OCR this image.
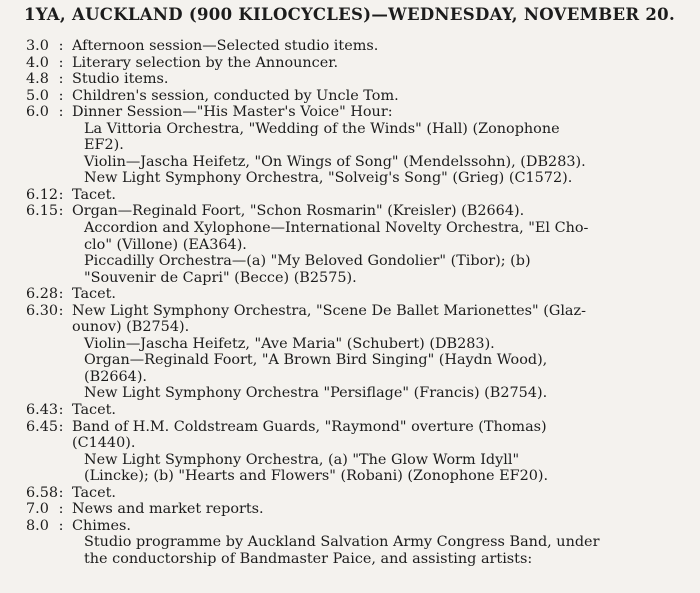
1YA, AUCKLAND (900 KILOCYCLES)—WEDNESDAY, NOVEMBER 20.
3.0 : Afternoon session—Selected studio items.
4.0 : Literary selection by the Announcer.
4.8 : Studio items.
5.0 : Children's session, conducted by Uncle Tom.
6.0 : Dinner Session—"His Master's Voice" Hour:
La Vittoria Orchestra, "Wedding of the Winds" (Hall) (Zonophone
EF2).
Violin—Jascha Heifetz, "On Wings of Song" (Mendelssohn), (DB283).
New Light Symphony Orchestra, "Solveig's Song" (Grieg) (C1572).
6.12 : Tacet.
6.15 : Organ—Reginald Foort, "Schon Rosmarin" (Kreisler) (B2664).
Accordion and Xylophone—International Novelty Orchestra, "El Cho-
clo" (Villone) (EA364).
Piccadilly Orchestra—(a) "My Beloved Gondolier" (Tibor); (b)
"Souvenir de Capri" (Becce) (B2575).
6.28 : Tacet.
6.30 : New Light Symphony Orchestra, "Scene De Ballet Marionettes" (Glaz-
ounov) (B2754).
Violin—Jascha Heifetz, "Ave Maria" (Schubert) (DB283).
Organ—Reginald Foort, "A Brown Bird Singing" (Haydn Wood),
(B2664).
New Light Symphony Orchestra "Persiflage" (Francis) (B2754).
6.43 : Tacet.
6.45 : Band of H.M. Coldstream Guards, "Raymond" overture (Thomas)
(C1440).
New Light Symphony Orchestra, (a) "The Glow Worm Idyll"
(Lincke); (b) "Hearts and Flowers" (Robani) (Zonophone EF20).
6.58 : Tacet.
7.0 : News and market reports.
8.0 : Chimes.
Studio programme by Auckland Salvation Army Congress Band, under
the conductorship of Bandmaster Paice, and assisting artists:
